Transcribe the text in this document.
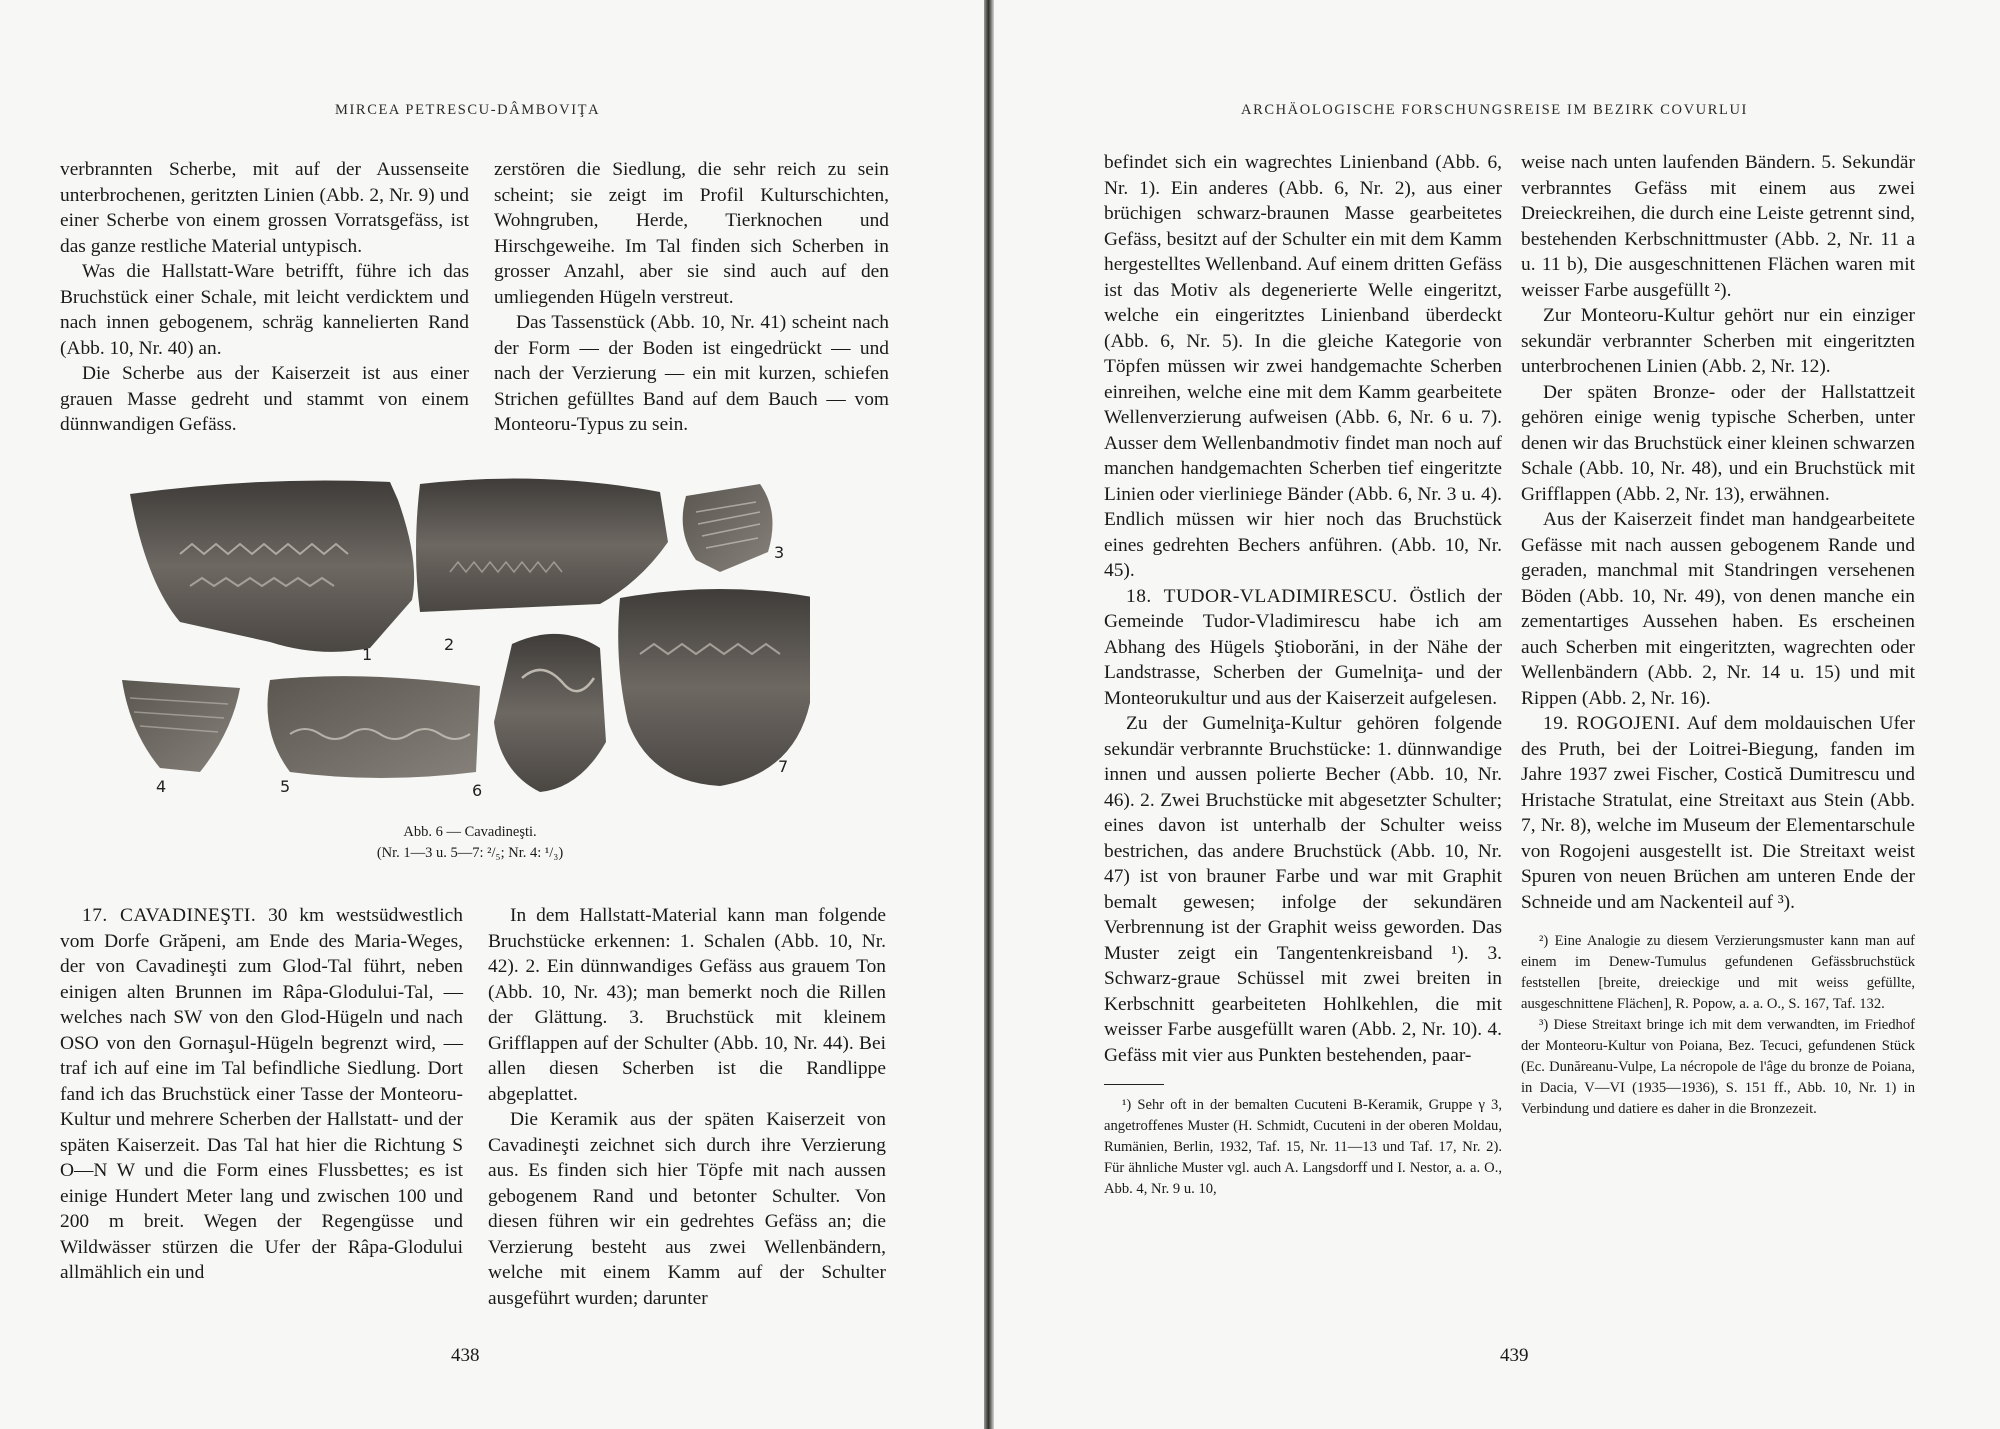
MIRCEA PETRESCU-DÂMBOVIŢA

verbrannten Scherbe, mit auf der Aussenseite unterbrochenen, geritzten Linien (Abb. 2, Nr. 9) und einer Scherbe von einem grossen Vorratsgefäss, ist das ganze restliche Material untypisch.

Was die Hallstatt-Ware betrifft, führe ich das Bruchstück einer Schale, mit leicht verdicktem und nach innen gebogenem, schräg kannelierten Rand (Abb. 10, Nr. 40) an.

Die Scherbe aus der Kaiserzeit ist aus einer grauen Masse gedreht und stammt von einem dünnwandigen Gefäss.

zerstören die Siedlung, die sehr reich zu sein scheint; sie zeigt im Profil Kulturschichten, Wohngruben, Herde, Tierknochen und Hirschgeweihe. Im Tal finden sich Scherben in grosser Anzahl, aber sie sind auch auf den umliegenden Hügeln verstreut.

Das Tassenstück (Abb. 10, Nr. 41) scheint nach der Form — der Boden ist eingedrückt — und nach der Verzierung — ein mit kurzen, schiefen Strichen gefülltes Band auf dem Bauch — vom Monteoru-Typus zu sein.

1
2
3
4	5	6
7
Abb. 6 — Cavadineşti.
(Nr. 1—3 u. 5—7: ²/₅; Nr. 4: ¹/₃)

17. CAVADINEŞTI. 30 km westsüdwestlich vom Dorfe Grăpeni, am Ende des Maria-Weges, der von Cavadineşti zum Glod-Tal führt, neben einigen alten Brunnen im Râpa-Glodului-Tal, — welches nach SW von den Glod-Hügeln und nach OSO von den Gornaşul-Hügeln begrenzt wird, — traf ich auf eine im Tal befindliche Siedlung. Dort fand ich das Bruchstück einer Tasse der Monteoru-Kultur und mehrere Scherben der Hallstatt- und der späten Kaiserzeit. Das Tal hat hier die Richtung S O—N W und die Form eines Flussbettes; es ist einige Hundert Meter lang und zwischen 100 und 200 m breit. Wegen der Regengüsse und Wildwässer stürzen die Ufer der Râpa-Glodului allmählich ein und

In dem Hallstatt-Material kann man folgende Bruchstücke erkennen: 1. Schalen (Abb. 10, Nr. 42). 2. Ein dünnwandiges Gefäss aus grauem Ton (Abb. 10, Nr. 43); man bemerkt noch die Rillen der Glättung. 3. Bruchstück mit kleinem Grifflappen auf der Schulter (Abb. 10, Nr. 44). Bei allen diesen Scherben ist die Randlippe abgeplattet.

Die Keramik aus der späten Kaiserzeit von Cavadineşti zeichnet sich durch ihre Verzierung aus. Es finden sich hier Töpfe mit nach aussen gebogenem Rand und betonter Schulter. Von diesen führen wir ein gedrehtes Gefäss an; die Verzierung besteht aus zwei Wellenbändern, welche mit einem Kamm auf der Schulter ausgeführt wurden; darunter

438
ARCHÄOLOGISCHE FORSCHUNGSREISE IM BEZIRK COVURLUI

befindet sich ein wagrechtes Linienband (Abb. 6, Nr. 1). Ein anderes (Abb. 6, Nr. 2), aus einer brüchigen schwarz-braunen Masse gearbeitetes Gefäss, besitzt auf der Schulter ein mit dem Kamm hergestelltes Wellenband. Auf einem dritten Gefäss ist das Motiv als degenerierte Welle eingeritzt, welche ein eingeritztes Linienband überdeckt (Abb. 6, Nr. 5). In die gleiche Kategorie von Töpfen müssen wir zwei handgemachte Scherben einreihen, welche eine mit dem Kamm gearbeitete Wellenverzierung aufweisen (Abb. 6, Nr. 6 u. 7). Ausser dem Wellenbandmotiv findet man noch auf manchen handgemachten Scherben tief eingeritzte Linien oder vierliniege Bänder (Abb. 6, Nr. 3 u. 4). Endlich müssen wir hier noch das Bruchstück eines gedrehten Bechers anführen. (Abb. 10, Nr. 45).

18. TUDOR-VLADIMIRESCU. Östlich der Gemeinde Tudor-Vladimirescu habe ich am Abhang des Hügels Ştioborăni, in der Nähe der Landstrasse, Scherben der Gumelniţa- und der Monteorukultur und aus der Kaiserzeit aufgelesen.

Zu der Gumelniţa-Kultur gehören folgende sekundär verbrannte Bruchstücke: 1. dünnwandige innen und aussen polierte Becher (Abb. 10, Nr. 46). 2. Zwei Bruchstücke mit abgesetzter Schulter; eines davon ist unterhalb der Schulter weiss bestrichen, das andere Bruchstück (Abb. 10, Nr. 47) ist von brauner Farbe und war mit Graphit bemalt gewesen; infolge der sekundären Verbrennung ist der Graphit weiss geworden. Das Muster zeigt ein Tangentenkreisband ¹). 3. Schwarz-graue Schüssel mit zwei breiten in Kerbschnitt gearbeiteten Hohlkehlen, die mit weisser Farbe ausgefüllt waren (Abb. 2, Nr. 10). 4. Gefäss mit vier aus Punkten bestehenden, paar-

¹) Sehr oft in der bemalten Cucuteni B-Keramik, Gruppe γ 3, angetroffenes Muster (H. Schmidt, Cucuteni in der oberen Moldau, Rumänien, Berlin, 1932, Taf. 15, Nr. 11—13 und Taf. 17, Nr. 2). Für ähnliche Muster vgl. auch A. Langsdorff und I. Nestor, a. a. O., Abb. 4, Nr. 9 u. 10,

weise nach unten laufenden Bändern. 5. Sekundär verbranntes Gefäss mit einem aus zwei Dreieckreihen, die durch eine Leiste getrennt sind, bestehenden Kerbschnittmuster (Abb. 2, Nr. 11 a u. 11 b), Die ausgeschnittenen Flächen waren mit weisser Farbe ausgefüllt ²).

Zur Monteoru-Kultur gehört nur ein einziger sekundär verbrannter Scherben mit eingeritzten unterbrochenen Linien (Abb. 2, Nr. 12).

Der späten Bronze- oder der Hallstattzeit gehören einige wenig typische Scherben, unter denen wir das Bruchstück einer kleinen schwarzen Schale (Abb. 10, Nr. 48), und ein Bruchstück mit Grifflappen (Abb. 2, Nr. 13), erwähnen.

Aus der Kaiserzeit findet man handgearbeitete Gefässe mit nach aussen gebogenem Rande und geraden, manchmal mit Standringen versehenen Böden (Abb. 10, Nr. 49), von denen manche ein zementartiges Aussehen haben. Es erscheinen auch Scherben mit eingeritzten, wagrechten oder Wellenbändern (Abb. 2, Nr. 14 u. 15) und mit Rippen (Abb. 2, Nr. 16).

19. ROGOJENI. Auf dem moldauischen Ufer des Pruth, bei der Loitrei-Biegung, fanden im Jahre 1937 zwei Fischer, Costică Dumitrescu und Hristache Stratulat, eine Streitaxt aus Stein (Abb. 7, Nr. 8), welche im Museum der Elementarschule von Rogojeni ausgestellt ist. Die Streitaxt weist Spuren von neuen Brüchen am unteren Ende der Schneide und am Nackenteil auf ³).

²) Eine Analogie zu diesem Verzierungsmuster kann man auf einem im Denew-Tumulus gefundenen Gefässbruchstück feststellen [breite, dreieckige und mit weiss gefüllte, ausgeschnittene Flächen], R. Popow, a. a. O., S. 167, Taf. 132.

³) Diese Streitaxt bringe ich mit dem verwandten, im Friedhof der Monteoru-Kultur von Poiana, Bez. Tecuci, gefundenen Stück (Ec. Dunăreanu-Vulpe, La nécropole de l'âge du bronze de Poiana, in Dacia, V—VI (1935—1936), S. 151 ff., Abb. 10, Nr. 1) in Verbindung und datiere es daher in die Bronzezeit.

439
